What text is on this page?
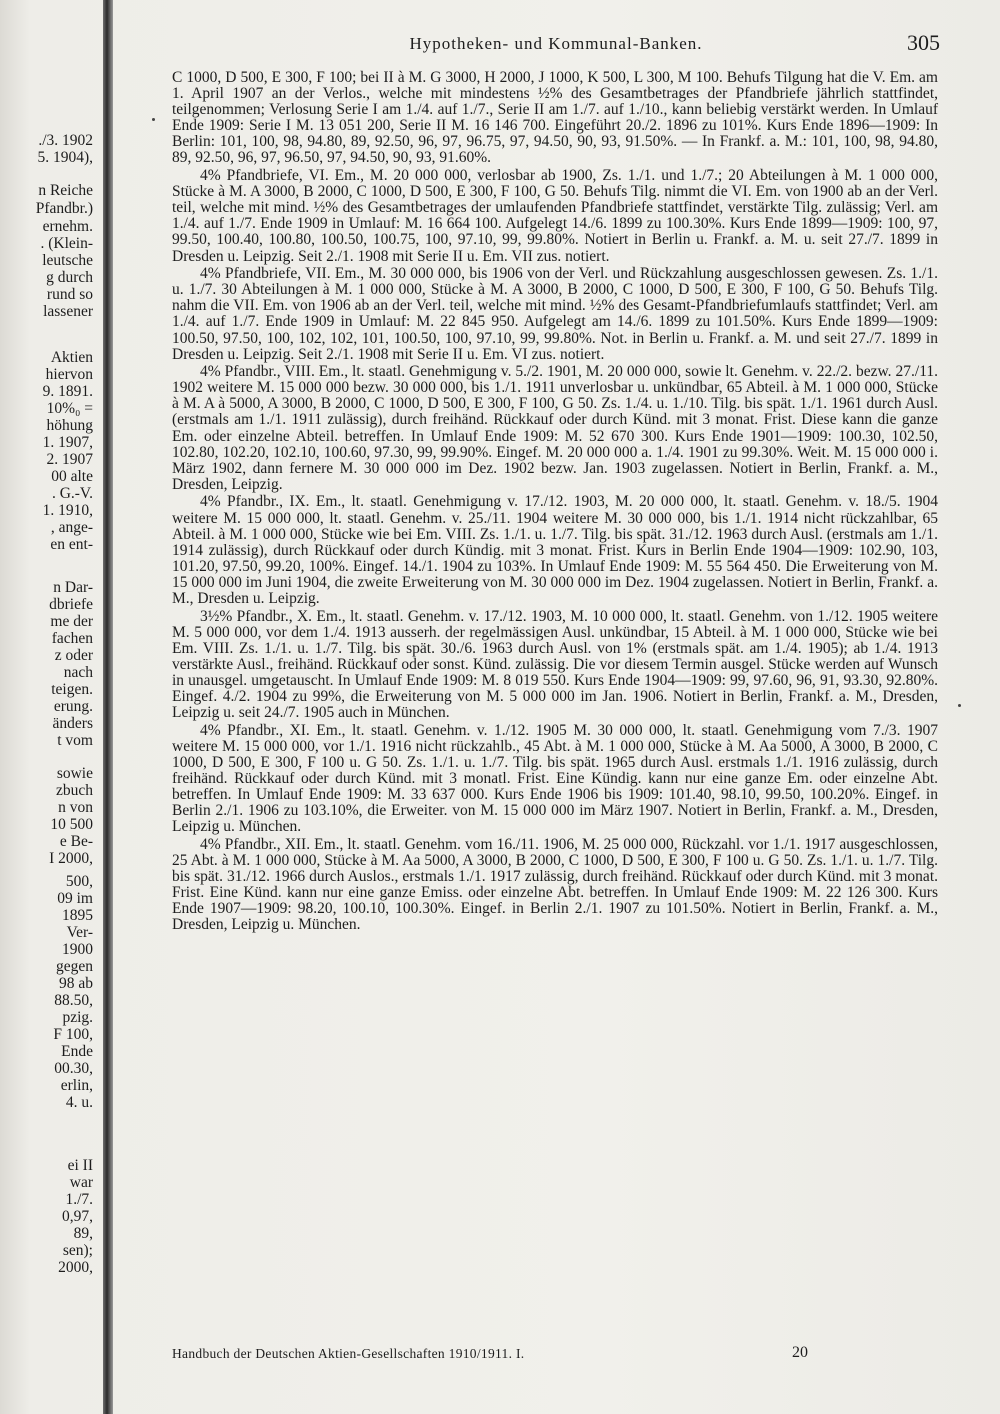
./3. 1902
5. 1904),
n Reiche
Pfandbr.)
ernehm.
. (Klein-
leutsche
g durch
rund so
lassener
Aktien
hiervon
9. 1891.
10%₀ =
höhung
1. 1907,
2. 1907
00 alte
. G.-V.
1. 1910,
, ange-
en ent-
n Dar-
dbriefe
me der
fachen
z oder
nach
teigen.
erung.
änders
t vom
sowie
zbuch
n von
10 500
e Be-
I 2000,
500,
09 im
1895
Ver-
1900
gegen
98 ab
88.50,
pzig.
F 100,
Ende
00.30,
erlin,
4. u.
ei II
war
1./7.
0,97,
89,
sen);
2000,
Hypotheken- und Kommunal-Banken.	305

C 1000, D 500, E 300, F 100; bei II à M. G 3000, H 2000, J 1000, K 500, L 300, M 100. Behufs Tilgung hat die V. Em. am 1. April 1907 an der Verlos., welche mit mindestens ½% des Gesamtbetrages der Pfandbriefe jährlich stattfindet, teilgenommen; Verlosung Serie I am 1./4. auf 1./7., Serie II am 1./7. auf 1./10., kann beliebig verstärkt werden. In Umlauf Ende 1909: Serie I M. 13 051 200, Serie II M. 16 146 700. Eingeführt 20./2. 1896 zu 101%. Kurs Ende 1896—1909: In Berlin: 101, 100, 98, 94.80, 89, 92.50, 96, 97, 96.75, 97, 94.50, 90, 93, 91.50%. — In Frankf. a. M.: 101, 100, 98, 94.80, 89, 92.50, 96, 97, 96.50, 97, 94.50, 90, 93, 91.60%.

4% Pfandbriefe, VI. Em., M. 20 000 000, verlosbar ab 1900, Zs. 1./1. und 1./7.; 20 Abteilungen à M. 1 000 000, Stücke à M. A 3000, B 2000, C 1000, D 500, E 300, F 100, G 50. Behufs Tilg. nimmt die VI. Em. von 1900 ab an der Verl. teil, welche mit mind. ½% des Gesamtbetrages der umlaufenden Pfandbriefe stattfindet, verstärkte Tilg. zulässig; Verl. am 1./4. auf 1./7. Ende 1909 in Umlauf: M. 16 664 100. Aufgelegt 14./6. 1899 zu 100.30%. Kurs Ende 1899—1909: 100, 97, 99.50, 100.40, 100.80, 100.50, 100.75, 100, 97.10, 99, 99.80%. Notiert in Berlin u. Frankf. a. M. u. seit 27./7. 1899 in Dresden u. Leipzig. Seit 2./1. 1908 mit Serie II u. Em. VII zus. notiert.

4% Pfandbriefe, VII. Em., M. 30 000 000, bis 1906 von der Verl. und Rückzahlung ausgeschlossen gewesen. Zs. 1./1. u. 1./7. 30 Abteilungen à M. 1 000 000, Stücke à M. A 3000, B 2000, C 1000, D 500, E 300, F 100, G 50. Behufs Tilg. nahm die VII. Em. von 1906 ab an der Verl. teil, welche mit mind. ½% des Gesamt-Pfandbriefumlaufs stattfindet; Verl. am 1./4. auf 1./7. Ende 1909 in Umlauf: M. 22 845 950. Aufgelegt am 14./6. 1899 zu 101.50%. Kurs Ende 1899—1909: 100.50, 97.50, 100, 102, 102, 101, 100.50, 100, 97.10, 99, 99.80%. Not. in Berlin u. Frankf. a. M. und seit 27./7. 1899 in Dresden u. Leipzig. Seit 2./1. 1908 mit Serie II u. Em. VI zus. notiert.

4% Pfandbr., VIII. Em., lt. staatl. Genehmigung v. 5./2. 1901, M. 20 000 000, sowie lt. Genehm. v. 22./2. bezw. 27./11. 1902 weitere M. 15 000 000 bezw. 30 000 000, bis 1./1. 1911 unverlosbar u. unkündbar, 65 Abteil. à M. 1 000 000, Stücke à M. A à 5000, A 3000, B 2000, C 1000, D 500, E 300, F 100, G 50. Zs. 1./4. u. 1./10. Tilg. bis spät. 1./1. 1961 durch Ausl. (erstmals am 1./1. 1911 zulässig), durch freihänd. Rückkauf oder durch Künd. mit 3 monat. Frist. Diese kann die ganze Em. oder einzelne Abteil. betreffen. In Umlauf Ende 1909: M. 52 670 300. Kurs Ende 1901—1909: 100.30, 102.50, 102.80, 102.20, 102.10, 100.60, 97.30, 99, 99.90%. Eingef. M. 20 000 000 a. 1./4. 1901 zu 99.30%. Weit. M. 15 000 000 i. März 1902, dann fernere M. 30 000 000 im Dez. 1902 bezw. Jan. 1903 zugelassen. Notiert in Berlin, Frankf. a. M., Dresden, Leipzig.

4% Pfandbr., IX. Em., lt. staatl. Genehmigung v. 17./12. 1903, M. 20 000 000, lt. staatl. Genehm. v. 18./5. 1904 weitere M. 15 000 000, lt. staatl. Genehm. v. 25./11. 1904 weitere M. 30 000 000, bis 1./1. 1914 nicht rückzahlbar, 65 Abteil. à M. 1 000 000, Stücke wie bei Em. VIII. Zs. 1./1. u. 1./7. Tilg. bis spät. 31./12. 1963 durch Ausl. (erstmals am 1./1. 1914 zulässig), durch Rückkauf oder durch Kündig. mit 3 monat. Frist. Kurs in Berlin Ende 1904—1909: 102.90, 103, 101.20, 97.50, 99.20, 100%. Eingef. 14./1. 1904 zu 103%. In Umlauf Ende 1909: M. 55 564 450. Die Erweiterung von M. 15 000 000 im Juni 1904, die zweite Erweiterung von M. 30 000 000 im Dez. 1904 zugelassen. Notiert in Berlin, Frankf. a. M., Dresden u. Leipzig.

3½% Pfandbr., X. Em., lt. staatl. Genehm. v. 17./12. 1903, M. 10 000 000, lt. staatl. Genehm. von 1./12. 1905 weitere M. 5 000 000, vor dem 1./4. 1913 ausserh. der regelmässigen Ausl. unkündbar, 15 Abteil. à M. 1 000 000, Stücke wie bei Em. VIII. Zs. 1./1. u. 1./7. Tilg. bis spät. 30./6. 1963 durch Ausl. von 1% (erstmals spät. am 1./4. 1905); ab 1./4. 1913 verstärkte Ausl., freihänd. Rückkauf oder sonst. Künd. zulässig. Die vor diesem Termin ausgel. Stücke werden auf Wunsch in unausgel. umgetauscht. In Umlauf Ende 1909: M. 8 019 550. Kurs Ende 1904—1909: 99, 97.60, 96, 91, 93.30, 92.80%. Eingef. 4./2. 1904 zu 99%, die Erweiterung von M. 5 000 000 im Jan. 1906. Notiert in Berlin, Frankf. a. M., Dresden, Leipzig u. seit 24./7. 1905 auch in München.

4% Pfandbr., XI. Em., lt. staatl. Genehm. v. 1./12. 1905 M. 30 000 000, lt. staatl. Genehmigung vom 7./3. 1907 weitere M. 15 000 000, vor 1./1. 1916 nicht rückzahlb., 45 Abt. à M. 1 000 000, Stücke à M. Aa 5000, A 3000, B 2000, C 1000, D 500, E 300, F 100 u. G 50. Zs. 1./1. u. 1./7. Tilg. bis spät. 1965 durch Ausl. erstmals 1./1. 1916 zulässig, durch freihänd. Rückkauf oder durch Künd. mit 3 monatl. Frist. Eine Kündig. kann nur eine ganze Em. oder einzelne Abt. betreffen. In Umlauf Ende 1909: M. 33 637 000. Kurs Ende 1906 bis 1909: 101.40, 98.10, 99.50, 100.20%. Eingef. in Berlin 2./1. 1906 zu 103.10%, die Erweiter. von M. 15 000 000 im März 1907. Notiert in Berlin, Frankf. a. M., Dresden, Leipzig u. München.

4% Pfandbr., XII. Em., lt. staatl. Genehm. vom 16./11. 1906, M. 25 000 000, Rückzahl. vor 1./1. 1917 ausgeschlossen, 25 Abt. à M. 1 000 000, Stücke à M. Aa 5000, A 3000, B 2000, C 1000, D 500, E 300, F 100 u. G 50. Zs. 1./1. u. 1./7. Tilg. bis spät. 31./12. 1966 durch Auslos., erstmals 1./1. 1917 zulässig, durch freihänd. Rückkauf oder durch Künd. mit 3 monat. Frist. Eine Künd. kann nur eine ganze Emiss. oder einzelne Abt. betreffen. In Umlauf Ende 1909: M. 22 126 300. Kurs Ende 1907—1909: 98.20, 100.10, 100.30%. Eingef. in Berlin 2./1. 1907 zu 101.50%. Notiert in Berlin, Frankf. a. M., Dresden, Leipzig u. München.

Handbuch der Deutschen Aktien-Gesellschaften 1910/1911. I.	20
